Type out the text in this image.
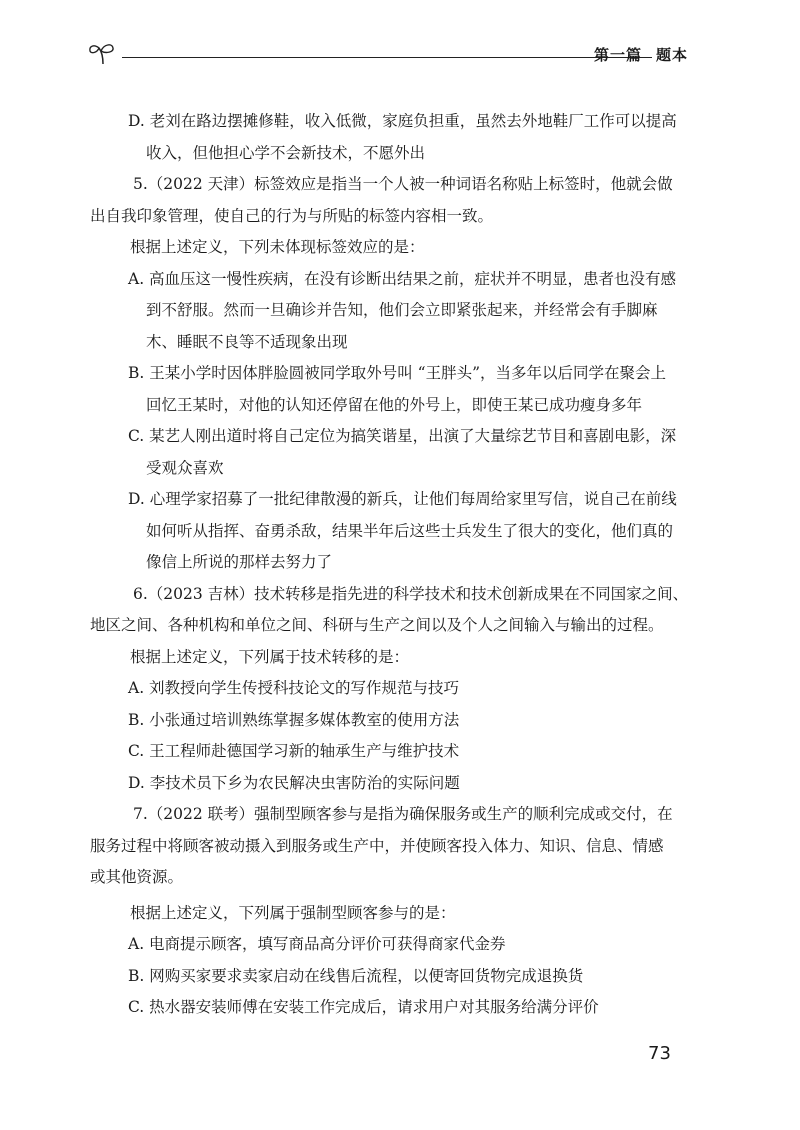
第一篇 题本
D. 老刘在路边摆摊修鞋，收入低微，家庭负担重，虽然去外地鞋厂工作可以提高
收入，但他担心学不会新技术，不愿外出
5.（2022 天津）标签效应是指当一个人被一种词语名称贴上标签时，他就会做
出自我印象管理，使自己的行为与所贴的标签内容相一致。
根据上述定义，下列未体现标签效应的是：
A. 高血压这一慢性疾病，在没有诊断出结果之前，症状并不明显，患者也没有感
到不舒服。然而一旦确诊并告知，他们会立即紧张起来，并经常会有手脚麻
木、睡眠不良等不适现象出现
B. 王某小学时因体胖脸圆被同学取外号叫 “王胖头”，当多年以后同学在聚会上
回忆王某时，对他的认知还停留在他的外号上，即使王某已成功瘦身多年
C. 某艺人刚出道时将自己定位为搞笑谐星，出演了大量综艺节目和喜剧电影，深
受观众喜欢
D. 心理学家招募了一批纪律散漫的新兵，让他们每周给家里写信，说自己在前线
如何听从指挥、奋勇杀敌，结果半年后这些士兵发生了很大的变化，他们真的
像信上所说的那样去努力了
6.（2023 吉林）技术转移是指先进的科学技术和技术创新成果在不同国家之间、
地区之间、各种机构和单位之间、科研与生产之间以及个人之间输入与输出的过程。
根据上述定义，下列属于技术转移的是：
A. 刘教授向学生传授科技论文的写作规范与技巧
B. 小张通过培训熟练掌握多媒体教室的使用方法
C. 王工程师赴德国学习新的轴承生产与维护技术
D. 李技术员下乡为农民解决虫害防治的实际问题
7.（2022 联考）强制型顾客参与是指为确保服务或生产的顺利完成或交付，在
服务过程中将顾客被动摄入到服务或生产中，并使顾客投入体力、知识、信息、情感
或其他资源。
根据上述定义，下列属于强制型顾客参与的是：
A. 电商提示顾客，填写商品高分评价可获得商家代金券
B. 网购买家要求卖家启动在线售后流程，以便寄回货物完成退换货
C. 热水器安装师傅在安装工作完成后，请求用户对其服务给满分评价
73
